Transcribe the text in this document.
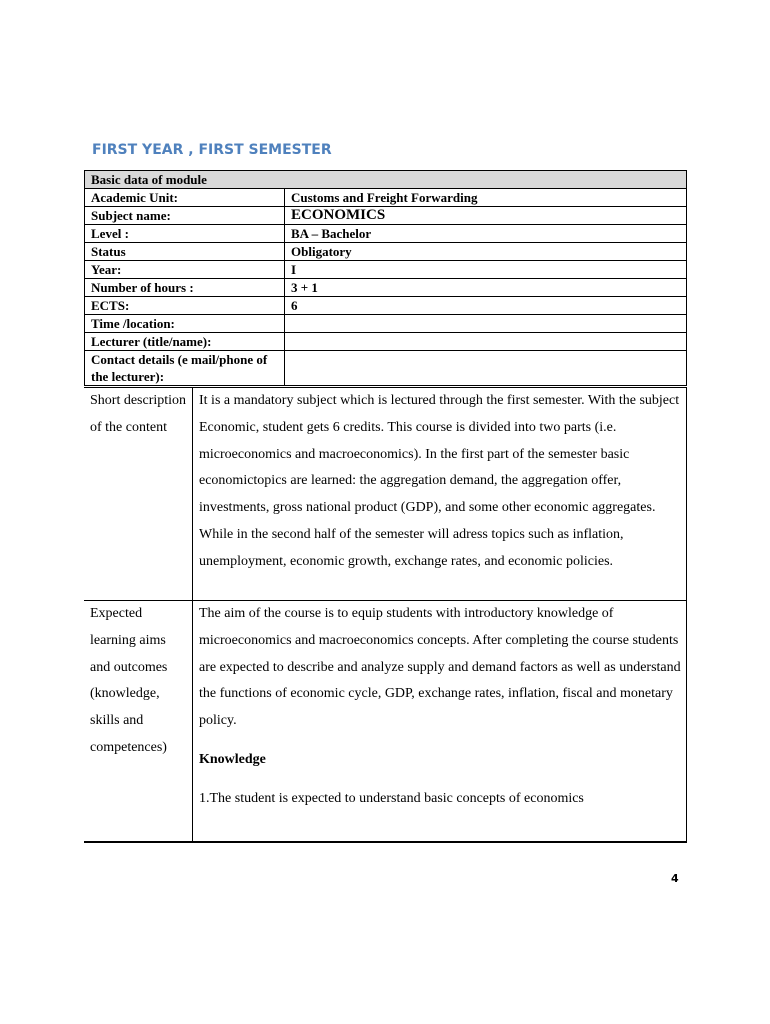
FIRST YEAR , FIRST SEMESTER
Basic data of module	
Academic Unit:	Customs and Freight Forwarding
Subject name:	ECONOMICS
Level :	BA – Bachelor
Status	Obligatory
Year:	I
Number of hours :	3 + 1
ECTS:	6
Time /location:	
Lecturer (title/name):	
Contact details (e mail/phone of the lecturer):	
Short description of the content	It is a mandatory subject which is lectured through the first semester. With the subject Economic, student gets 6 credits. This course is divided into two parts (i.e. microeconomics and macroeconomics). In the first part of the semester basic economictopics are learned: the aggregation demand, the aggregation offer, investments, gross national product (GDP), and some other economic aggregates. While in the second half of the semester will adress topics such as inflation, unemployment, economic growth, exchange rates, and economic policies.
Expected learning aims and outcomes (knowledge, skills and competences)	The aim of the course is to equip students with introductory knowledge of microeconomics and macroeconomics concepts. After completing the course students are expected to describe and analyze supply and demand factors as well as understand the functions of economic cycle, GDP, exchange rates, inflation, fiscal and monetary policy.
Knowledge
1.The student is expected to understand basic concepts of economics
4
